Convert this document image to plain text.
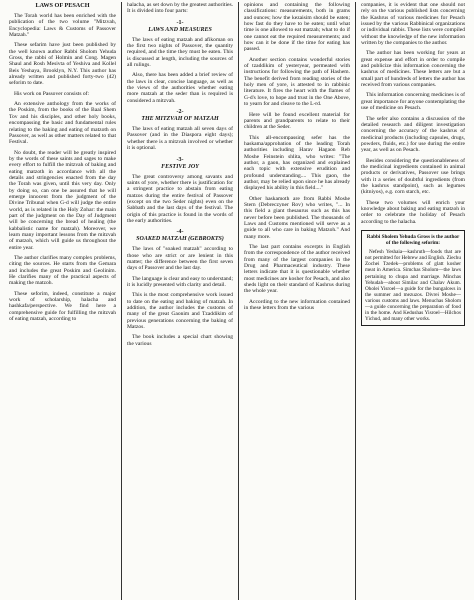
LAWS OF PESACH

The Torah world has been enriched with the publication of the two volume "Mitzvah, Encyclopedia: Laws & Customs of Passover Matzah."

These sefarim have just been published by the well known author Rabbi Sholom Yehuda Gross, the rabbi of Holmin and Cong. Magen Shaul and Rosh Mesivta of Yeshiva and Kollel Beis Yeshaya, Brooklyn, N.Y. This author has already written and published forty-two (42) seforim to date.

His work on Passover consists of:

An extensive anthology from the works of the Poskim, from the books of the Baal Shem Tov and his disciples, and other holy books, encompassing the basic and fundamental rules relating to the baking and eating of matzoth on Passover, as well as other matters related to that Festival.

No doubt, the reader will be greatly inspired by the words of these saints and sages to make every effort to fulfill the mitzvah of baking and eating matzoth in accordance with all the details and stringencies enacted from the day the Torah was given, until this very day. Only by doing so, can one be assured that he will emerge innocent from the judgment of the Divine Tribunal when G-d will judge the entire world, as is related in the Holy Zohar: the main part of the judgment on the Day of Judgment will be concerning the bread of healing (the kabbalistic name for matzah). Moreover, we learn many important lessons from the mitzvah of matzoh, which will guide us throughout the entire year.

The author clarifies many complex problems, citing the sources. He starts from the Gemara and includes the great Poskim and Geolinim. He clarifies many of the practical aspects of making the matzoh.

These seforim, indeed, constitute a major work of scholarship, halacha and hashkafa/perspective. We find here a comprehensive guide for fulfilling the mitzvah of eating matzah, according to

halacha, as set down by the greatest authorities. It is divided into four parts:

-1-
LAWS AND MEASURES

The laws of eating matzah and afikoman on the first two nights of Passover, the quantity required, and the time they must be eaten. This is discussed at length, including the sources of all rulings.

Also, there has been added a brief review of the laws in clear, concise language, as well as the views of the authorities whether eating more matzah at the seder than is required is considered a mitzvah.

-2-
THE MITZVAH OF MATZAH

The laws of eating matzah all seven days of Passover (and in the Diaspora eight days); whether there is a mitzvah involved or whether it is optional.

-3-
FESTIVE JOY

The great controversy among savants and saints of yore, whether there is justification for a stringent practice to abstain from eating matzos during the entire festival of Passover (except on the two Seder nights) even on the Sabbath and the last days of the festival. The origin of this practice is found in the words of the early authorities.

-4-
SOAKED MATZAH (GEBROKTS)

The laws of "soaked matzah" according to those who are strict or are lenient in this matter; the difference between the first seven days of Passover and the last day.

The language is clear and easy to understand; it is lucidly presented with clarity and detail.

This is the most comprehensive work issued to date on the eating and baking of matzah. In addition, the author includes the customs of many of the great Gaonim and Tzaddikim of previous generations concerning the baking of Matzos.

The book includes a special chart showing the various

opinions and containing the following classifications: measurements, both in grams and ounces; how the kezaisim should be eaten; how fast do they have to be eaten; until what time is one allowed to eat matzah; what to do if one cannot eat the required measurements; and how can it be done if the time for eating has passed.

Another section contains wonderful stories of tzaddikim of yesteryear, permeated with instructions for following the path of Hashem. The benefit derived from reading stories of the holy men of yore, is attested to in rabbinic literature. It fires the heart with the flames of G-d's love, to hope and trust in the One Above, to yearn for and cleave to the L-rd.

Here will be found excellent material for parents and grandparents to relate to their children at the Seder.

This all-encompassing sefer has the haskama/approbation of the leading Torah authorities including Harav Hagaon Reb Moshe Feinstein shlita, who writes: "The author, a gaon, has organized and explained each topic with extensive erudition and profound understanding.... This gaon, the author, may be relied upon since he has already displayed his ability in this field...."

Other haskamoth are from Rabbi Moshe Stern (Debreczyner Rov) who writes, "... In this field a giant thesaurus such as this has never before been published. The thousands of Laws and Customs mentioned will serve as a guide to all who care in baking Matzoh." And many more.

The last part contains excerpts in English from the correspondence of the author received from many of the largest companies in the Drug and Pharmaceutical industry. These letters indicate that it is questionable whether most medicines are kosher for Pesach, and also sheds light on their standard of Kashrus during the whole year.

According to the new information contained in these letters from the various

companies, it is evident that one should not rely on the various published lists concerning the Kashrus of various medicines for Pesach issued by the various Rabbinical organizations or individual rabbis. These lists were compiled without the knowledge of the new information written by the companies to the author.

The author has been working for years at great expense and effort in order to compile and publicize this information concerning the kashrus of medicines. These letters are but a small part of hundreds of letters the author has received from various companies.

This information concerning medicines is of great importance for anyone contemplating the use of medicine on Pesach.

The sefer also contains a discussion of the detailed research and diligent investigation concerning the accuracy of the kashrus of medicinal products (including capsules, drugs, powders, fluids, etc.) for use during the entire year, as well as on Pesach.

Besides considering the questionableness of the medicinal ingredients contained in animal products or derivatives, Passover use brings with it a series of doubtful ingredients (from the kashrus standpoint), such as legumes (kitniyos), e.g. corn starch, etc.

These two volumes will enrich your knowledge about baking and eating matzoh in order to celebrate the holiday of Pesach according to the halacha.

Rabbi Sholem Yehuda Gross is the author of the following seforim:

Nefesh Yeshaia—kashruth—foods that are not permitted for Hebrew and English. Ziechu Zochei Tzedek—problems of glatt kosher meat in America. Simchas Sholom—the laws pertaining to chupa and marriage. Minchas Yehudah—about Similac and Chalav Akum. Oholei Yisroel—a guide for the bungalows in the summer and mezuzos. Divrei Moshe—various customs and laws. Menuchas Sholom—a guide concerning the preparation of food in the home. And Kedushas Yisroel—Hilchos Yichud, and many other works.
